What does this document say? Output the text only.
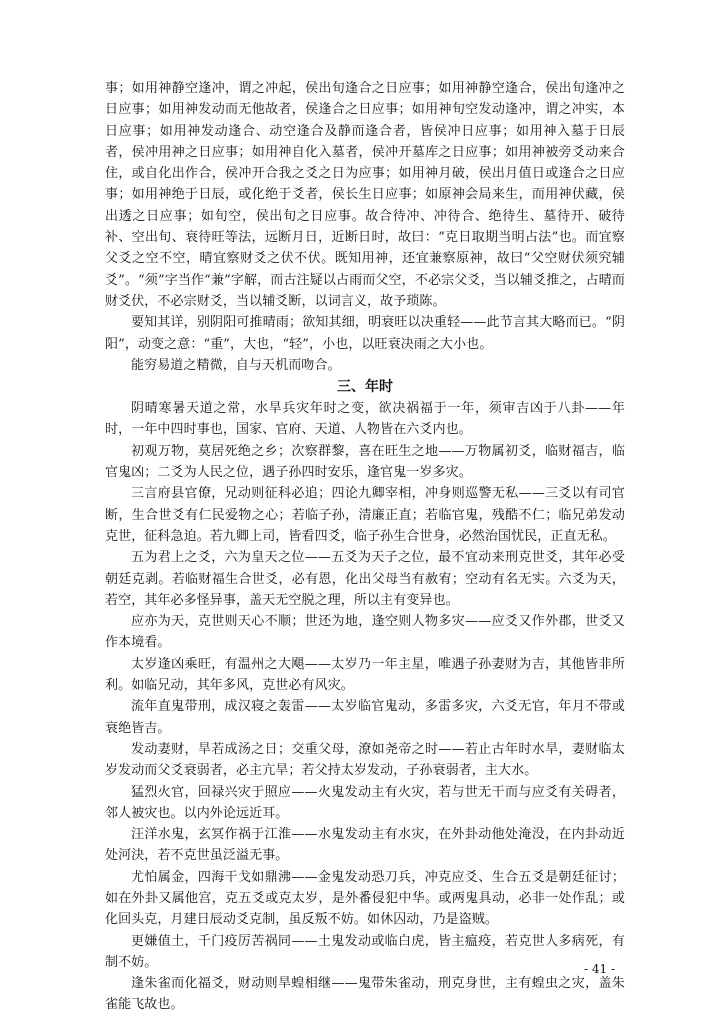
事；如用神静空逢冲，谓之冲起，侯出旬逢合之日应事；如用神静空逢合，侯出旬逢冲之日应事；如用神发动而无他故者，侯逢合之日应事；如用神旬空发动逢冲，谓之冲实，本日应事；如用神发动逢合、动空逢合及静而逢合者，皆侯冲日应事；如用神入墓于日辰者，侯冲用神之日应事；如用神自化入墓者，侯冲开墓库之日应事；如用神被旁爻动来合住，或自化出作合，侯冲开合我之爻之日为应事；如用神月破，侯出月值日或逢合之日应事；如用神绝于日辰，或化绝于爻者，侯长生日应事；如原神会局来生，而用神伏藏，侯出透之日应事；如旬空，侯出旬之日应事。故合待冲、冲待合、绝待生、墓待开、破待补、空出旬、衰待旺等法，远断月日，近断日时，故曰：“克日取期当明占法”也。而宜察父爻之空不空，晴宜察财爻之伏不伏。既知用神，还宜兼察原神，故曰“父空财伏须究辅爻”。“须”字当作“兼”字解，而古注疑以占雨而父空，不必宗父爻，当以辅爻推之，占晴而财爻伏，不必宗财爻，当以辅爻断，以词言义，故予琐陈。

要知其详，别阴阳可推晴雨；欲知其细，明衰旺以决重轻——此节言其大略而已。“阴阳”，动变之意：“重”，大也，“轻”，小也，以旺衰决雨之大小也。

能穷易道之精微，自与天机而吻合。

三、年时

阴晴寒暑天道之常，水旱兵灾年时之变，欲决祸福于一年，须审吉凶于八卦——年时，一年中四时事也，国家、官府、天道、人物皆在六爻内也。

初观万物，莫居死绝之乡；次察群黎，喜在旺生之地——万物属初爻，临财福吉，临官鬼凶；二爻为人民之位，遇子孙四时安乐，逢官鬼一岁多灾。

三言府县官僚，兄动则征科必追；四论九卿宰相，冲身则巡警无私——三爻以有司官断，生合世爻有仁民爱物之心；若临子孙，清廉正直；若临官鬼，残酷不仁；临兄弟发动克世，征科急迫。若九卿上司，皆看四爻，临子孙生合世身，必然治国忧民，正直无私。

五为君上之爻，六为皇天之位——五爻为天子之位，最不宜动来刑克世爻，其年必受朝廷克剥。若临财福生合世爻，必有恩，化出父母当有赦宥；空动有名无实。六爻为天，若空，其年必多怪异事，盖天无空脱之理，所以主有变异也。

应亦为天，克世则天心不顺；世还为地，逢空则人物多灾——应爻又作外郡，世爻又作本境看。

太岁逢凶乘旺，有温州之大飓——太岁乃一年主星，唯遇子孙妻财为吉，其他皆非所利。如临兄动，其年多风，克世必有风灾。

流年直鬼带刑，成汉寝之轰雷——太岁临官鬼动，多雷多灾，六爻无官，年月不带或衰绝皆吉。

发动妻财，旱若成汤之日；交重父母，潦如尧帝之时——若止古年时水旱，妻财临太岁发动而父爻衰弱者，必主亢旱；若父持太岁发动，子孙衰弱者，主大水。

猛烈火官，回禄兴灾于照应——火鬼发动主有火灾，若与世无干而与应爻有关碍者，邻人被灾也。以内外论远近耳。

汪洋水鬼，玄冥作祸于江淮——水鬼发动主有水灾，在外卦动他处淹没，在内卦动近处河決，若不克世虽泛溢无事。

尤怕属金，四海干戈如鼎沸——金鬼发动恐刀兵，冲克应爻、生合五爻是朝廷征讨；如在外卦又属他宫，克五爻或克太岁，是外番侵犯中华。或两鬼具动，必非一处作乱；或化回头克，月建日辰动爻克制，虽反叛不妨。如休囚动，乃是盗贼。

更嫌值土，千门疫厉苦祸同——土鬼发动或临白虎，皆主瘟疫，若克世人多病死，有制不妨。

逢朱雀而化福爻，财动则旱蝗相继——鬼带朱雀动，刑克身世，主有蝗虫之灾，盖朱雀能飞故也。

- 41 -
